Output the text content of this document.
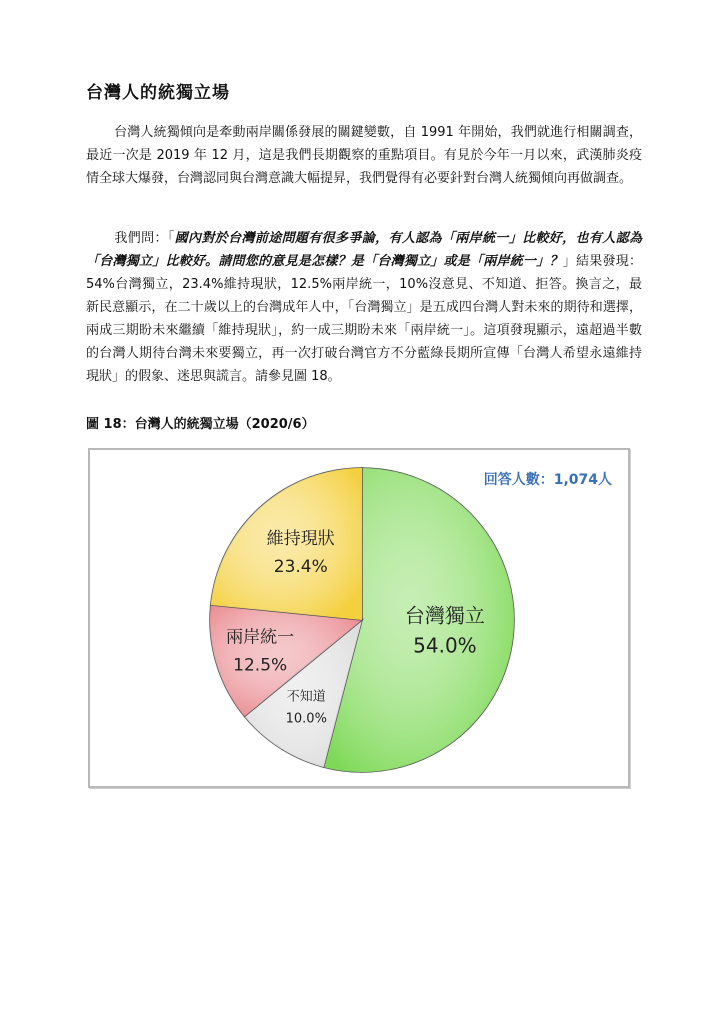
台灣人的統獨立場
台灣人統獨傾向是牽動兩岸關係發展的關鍵變數，自 1991 年開始，我們就進行相關調查，最近一次是 2019 年 12 月，這是我們長期觀察的重點項目。有見於今年一月以來，武漢肺炎疫情全球大爆發，台灣認同與台灣意識大幅提昇，我們覺得有必要針對台灣人統獨傾向再做調查。
我們問：「國內對於台灣前途問題有很多爭論，有人認為「兩岸統一」比較好，也有人認為「台灣獨立」比較好。請問您的意見是怎樣？是「台灣獨立」或是「兩岸統一」？」結果發現：54%台灣獨立，23.4%維持現狀，12.5%兩岸統一，10%沒意見、不知道、拒答。換言之，最新民意顯示，在二十歲以上的台灣成年人中，「台灣獨立」是五成四台灣人對未來的期待和選擇，兩成三期盼未來繼續「維持現狀」，約一成三期盼未來「兩岸統一」。這項發現顯示，遠超過半數的台灣人期待台灣未來要獨立，再一次打破台灣官方不分藍綠長期所宣傳「台灣人希望永遠維持現狀」的假象、迷思與謊言。請參見圖 18。
圖 18：台灣人的統獨立場（2020/6）
台灣獨立
54.0%
不知道
10.0%
兩岸統一
12.5%
維持現狀
23.4%
回答人數：1,074人
